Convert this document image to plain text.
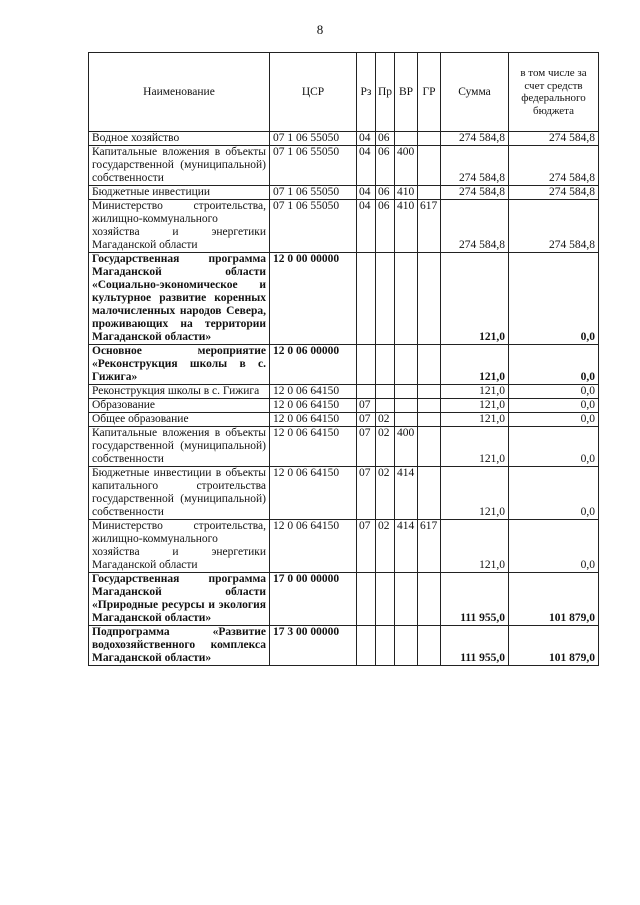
8
Наименование	ЦСР	Рз	Пр	ВР	ГР	Сумма	в том числе за счет средств федерального бюджета
Водное хозяйство	07 1 06 55050	04	06			274 584,8	274 584,8
Капитальные вложения в объекты государственной (муниципальной) собственности	07 1 06 55050	04	06	400		274 584,8	274 584,8
Бюджетные инвестиции	07 1 06 55050	04	06	410		274 584,8	274 584,8
Министерство строительства, жилищно-коммунального хозяйства и энергетики Магаданской области	07 1 06 55050	04	06	410	617	274 584,8	274 584,8
Государственная программа Магаданской области «Социально-экономическое и культурное развитие коренных малочисленных народов Севера, проживающих на территории Магаданской области»	12 0 00 00000					121,0	0,0
Основное мероприятие «Реконструкция школы в с. Гижига»	12 0 06 00000					121,0	0,0
Реконструкция школы в с. Гижига	12 0 06 64150					121,0	0,0
Образование	12 0 06 64150	07				121,0	0,0
Общее образование	12 0 06 64150	07	02			121,0	0,0
Капитальные вложения в объекты государственной (муниципальной) собственности	12 0 06 64150	07	02	400		121,0	0,0
Бюджетные инвестиции в объекты капитального строительства государственной (муниципальной) собственности	12 0 06 64150	07	02	414		121,0	0,0
Министерство строительства, жилищно-коммунального хозяйства и энергетики Магаданской области	12 0 06 64150	07	02	414	617	121,0	0,0
Государственная программа Магаданской области «Природные ресурсы и экология Магаданской области»	17 0 00 00000					111 955,0	101 879,0
Подпрограмма «Развитие водохозяйственного комплекса Магаданской области»	17 3 00 00000					111 955,0	101 879,0
